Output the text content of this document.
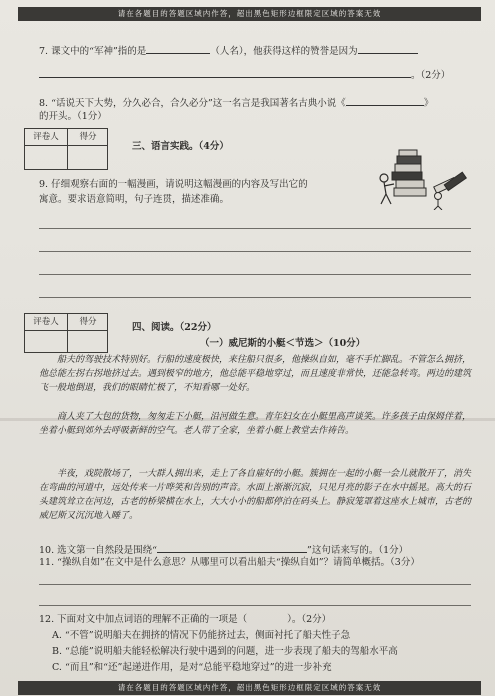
请在各题目的答题区域内作答，超出黑色矩形边框限定区域的答案无效
7. 课文中的“军神”指的是	（人名），他获得这样的赞誉是因为
。（2分）
8. “话说天下大势，分久必合，合久必分”这一名言是我国著名古典小说《	》
的开头。（1分）
评卷人	得分
三、语言实践。（4分）
9. 仔细观察右面的一幅漫画，请说明这幅漫画的内容及写出它的
寓意。要求语意简明，句子连贯，描述准确。
评卷人	得分	四、阅读。（22分）
（一）威尼斯的小艇＜节选＞（10分）
船夫的驾驶技术特别好。行船的速度极快，来往船只很多，他操纵自如，毫不手忙脚乱。不管怎么拥挤，他总能左拐右拐地挤过去。遇到极窄的地方，他总能平稳地穿过，而且速度非常快，还能急转弯。两边的建筑飞一般地倒退，我们的眼睛忙极了，不知看哪一处好。
商人夹了大包的货物，匆匆走下小艇，沿河做生意。青年妇女在小艇里高声谈笑。许多孩子由保姆伴着，坐着小艇到郊外去呼吸新鲜的空气。老人带了全家，坐着小艇上教堂去作祷告。
半夜，戏院散场了，一大群人拥出来，走上了各自雇好的小艇。簇拥在一起的小艇一会儿就散开了，消失在弯曲的河道中，远处传来一片哗笑和告别的声音。水面上渐渐沉寂，只见月亮的影子在水中摇晃。高大的石头建筑耸立在河边，古老的桥梁横在水上，大大小小的船都停泊在码头上。静寂笼罩着这座水上城市，古老的威尼斯又沉沉地入睡了。
10. 选文第一自然段是围绕“	”这句话来写的。（1分）
11. “操纵自如”在文中是什么意思？从哪里可以看出船夫“操纵自如”？请简单概括。（3分）
12. 下面对文中加点词语的理解不正确的一项是（	）。（2分）
A. “不管”说明船夫在拥挤的情况下仍能挤过去，侧面衬托了船夫性子急
B. “总能”说明船夫能轻松解决行驶中遇到的问题，进一步表现了船夫的驾船水平高
C. “而且”和“还”起递进作用，是对“总能平稳地穿过”的进一步补充
请在各题目的答题区域内作答，超出黑色矩形边框限定区域的答案无效
